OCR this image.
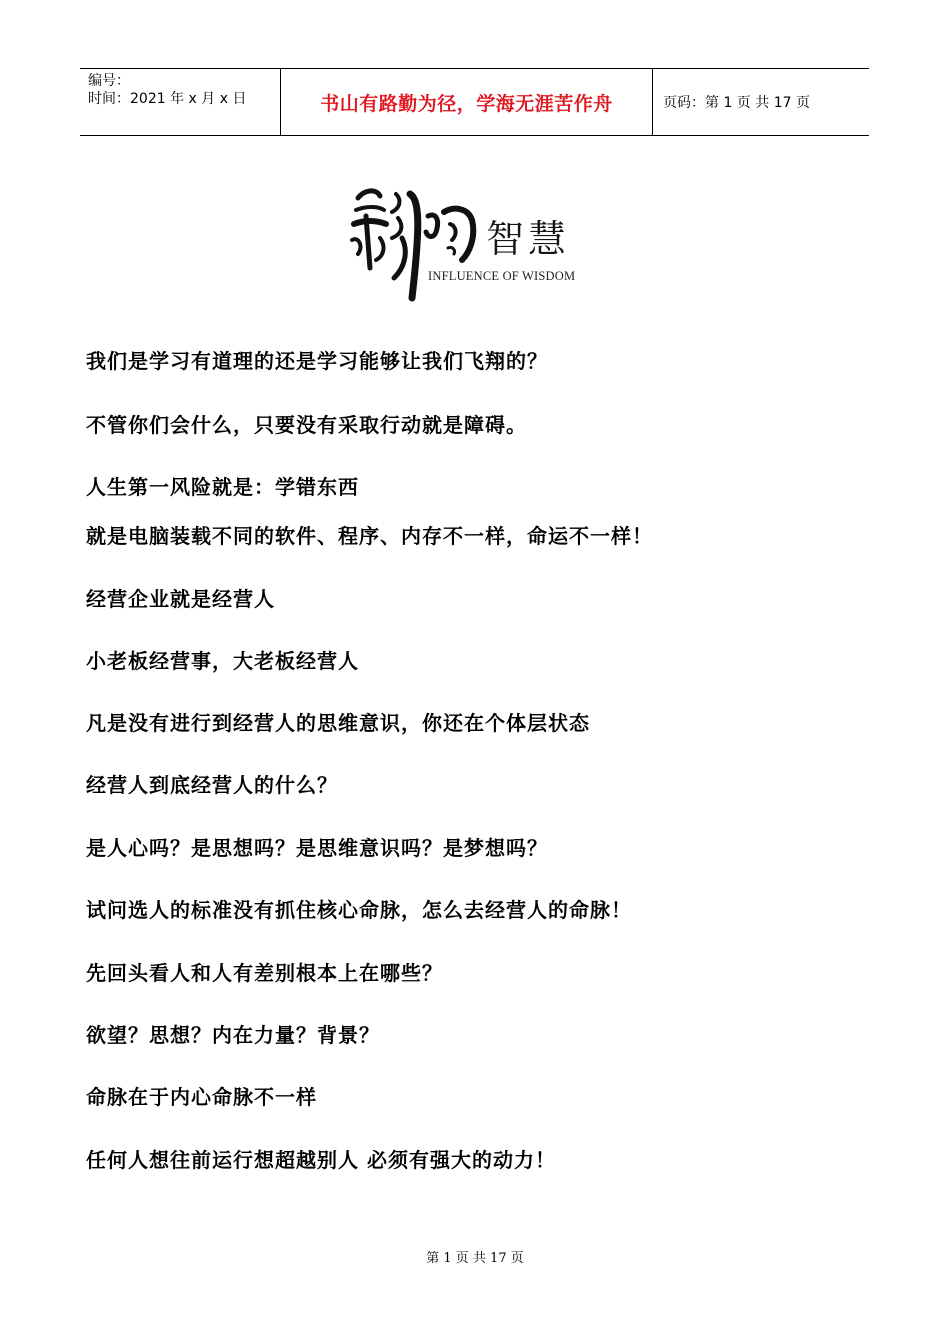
编号：
时间：2021 年 x 月 x 日	书山有路勤为径，学海无涯苦作舟	页码：第 1 页 共 17 页
智慧
INFLUENCE OF WISDOM
我们是学习有道理的还是学习能够让我们飞翔的？
不管你们会什么，只要没有采取行动就是障碍。
人生第一风险就是：学错东西
就是电脑装载不同的软件、程序、内存不一样，命运不一样！
经营企业就是经营人
小老板经营事，大老板经营人
凡是没有进行到经营人的思维意识，你还在个体层状态
经营人到底经营人的什么？
是人心吗？是思想吗？是思维意识吗？是梦想吗？
试问选人的标准没有抓住核心命脉，怎么去经营人的命脉！
先回头看人和人有差别根本上在哪些？
欲望？思想？内在力量？背景？
命脉在于内心命脉不一样
任何人想往前运行想超越别人 必须有强大的动力！
第 1 页 共 17 页
